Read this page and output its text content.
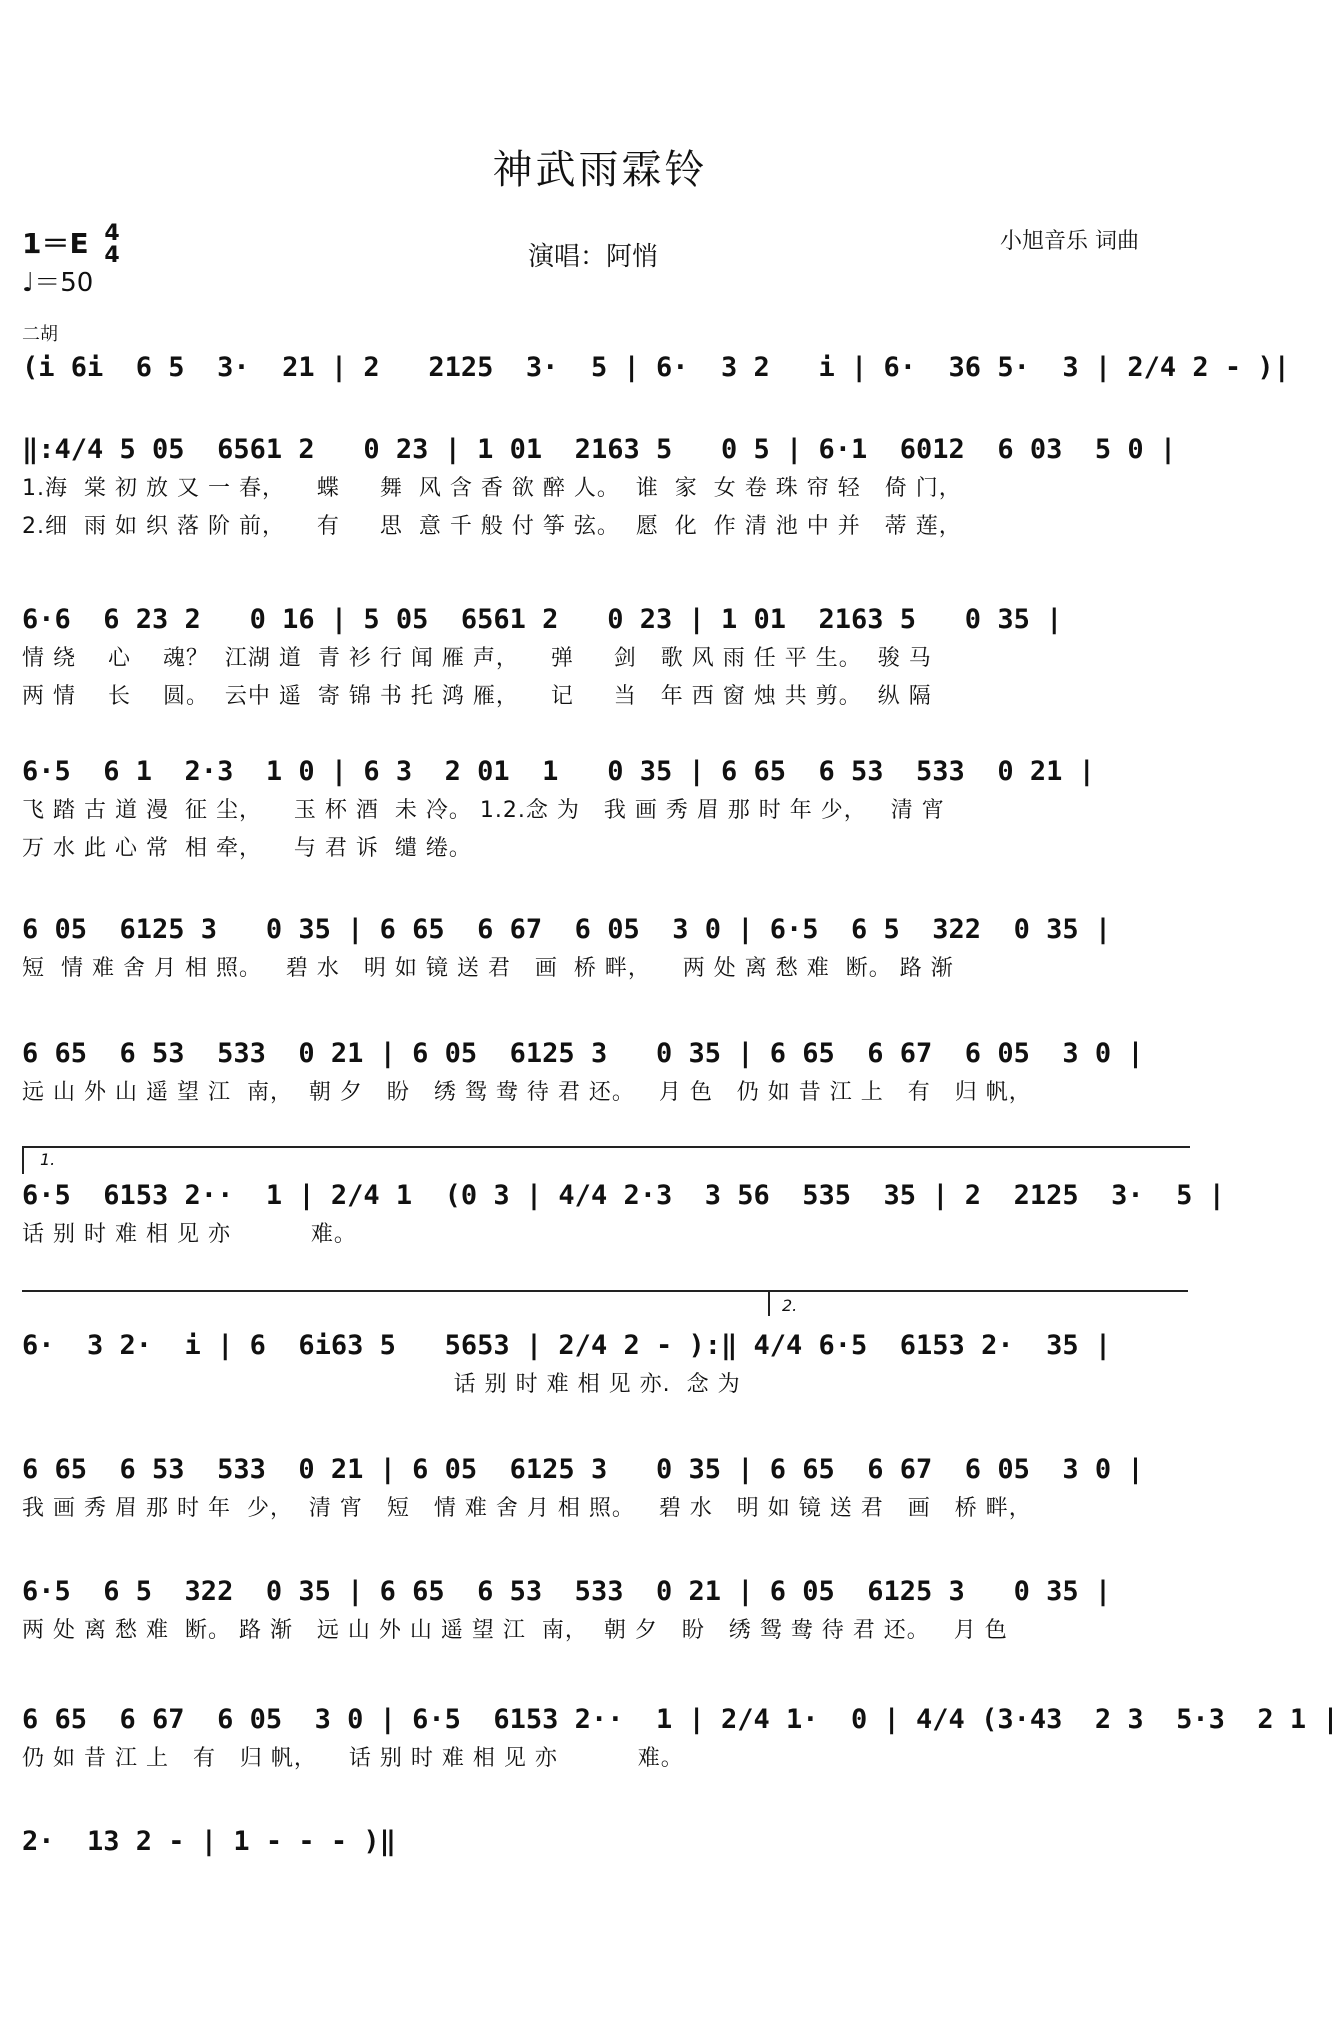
神武雨霖铃
1＝E 4
4
♩＝50
演唱：阿悄
小旭音乐 词曲
二胡
(i 6i  6 5  3·  21 | 2   2125  3·  5 | 6·  3 2   i | 6·  36 5·  3 | 2/4 2 - )|
‖:4/4 5 05  6561 2   0 23 | 1 01  2163 5   0 5 | 6·1  6012  6 03  5 0 |
1.海  棠 初 放 又 一 春，    蝶     舞  风 含 香 欲 醉 人。  谁  家  女 卷 珠 帘 轻   倚 门，
2.细  雨 如 织 落 阶 前，    有     思  意 千 般 付 筝 弦。  愿  化  作 清 池 中 并   蒂 莲，
6·6  6 23 2   0 16 | 5 05  6561 2   0 23 | 1 01  2163 5   0 35 |
情 绕    心    魂？  江湖 道  青 衫 行 闻 雁 声，    弹     剑   歌 风 雨 任 平 生。  骏 马
两 情    长    圆。  云中 遥  寄 锦 书 托 鸿 雁，    记     当   年 西 窗 烛 共 剪。  纵 隔
6·5  6 1  2·3  1 0 | 6 3  2 01  1   0 35 | 6 65  6 53  533  0 21 |
飞 踏 古 道 漫  征 尘，    玉 杯 酒  未 冷。 1.2.念 为   我 画 秀 眉 那 时 年 少，   清 宵
万 水 此 心 常  相 牵，    与 君 诉  缱 绻。
6 05  6125 3   0 35 | 6 65  6 67  6 05  3 0 | 6·5  6 5  322  0 35 |
短  情 难 舍 月 相 照。   碧 水   明 如 镜 送 君   画  桥 畔，    两 处 离 愁 难  断。 路 渐
6 65  6 53  533  0 21 | 6 05  6125 3   0 35 | 6 65  6 67  6 05  3 0 |
远 山 外 山 遥 望 江  南，  朝 夕   盼   绣 鸳 鸯 待 君 还。   月 色   仍 如 昔 江 上   有   归 帆，
1.
6·5  6153 2··  1 | 2/4 1  (0 3 | 4/4 2·3  3 56  535  35 | 2  2125  3·  5 |
话 别 时 难 相 见 亦          难。
2.
6·  3 2·  i | 6  6i63 5   5653 | 2/4 2 - ):‖ 4/4 6·5  6153 2·  35 |
话 别 时 难 相 见 亦.  念 为
6 65  6 53  533  0 21 | 6 05  6125 3   0 35 | 6 65  6 67  6 05  3 0 |
我 画 秀 眉 那 时 年  少，  清 宵   短   情 难 舍 月 相 照。   碧 水   明 如 镜 送 君   画   桥 畔，
6·5  6 5  322  0 35 | 6 65  6 53  533  0 21 | 6 05  6125 3   0 35 |
两 处 离 愁 难  断。 路 渐   远 山 外 山 遥 望 江  南，  朝 夕   盼   绣 鸳 鸯 待 君 还。   月 色
6 65  6 67  6 05  3 0 | 6·5  6153 2··  1 | 2/4 1·  0 | 4/4 (3·43  2 3  5·3  2 1 |
仍 如 昔 江 上   有   归 帆，    话 别 时 难 相 见 亦          难。
2·  13 2 - | 1 - - - )‖
